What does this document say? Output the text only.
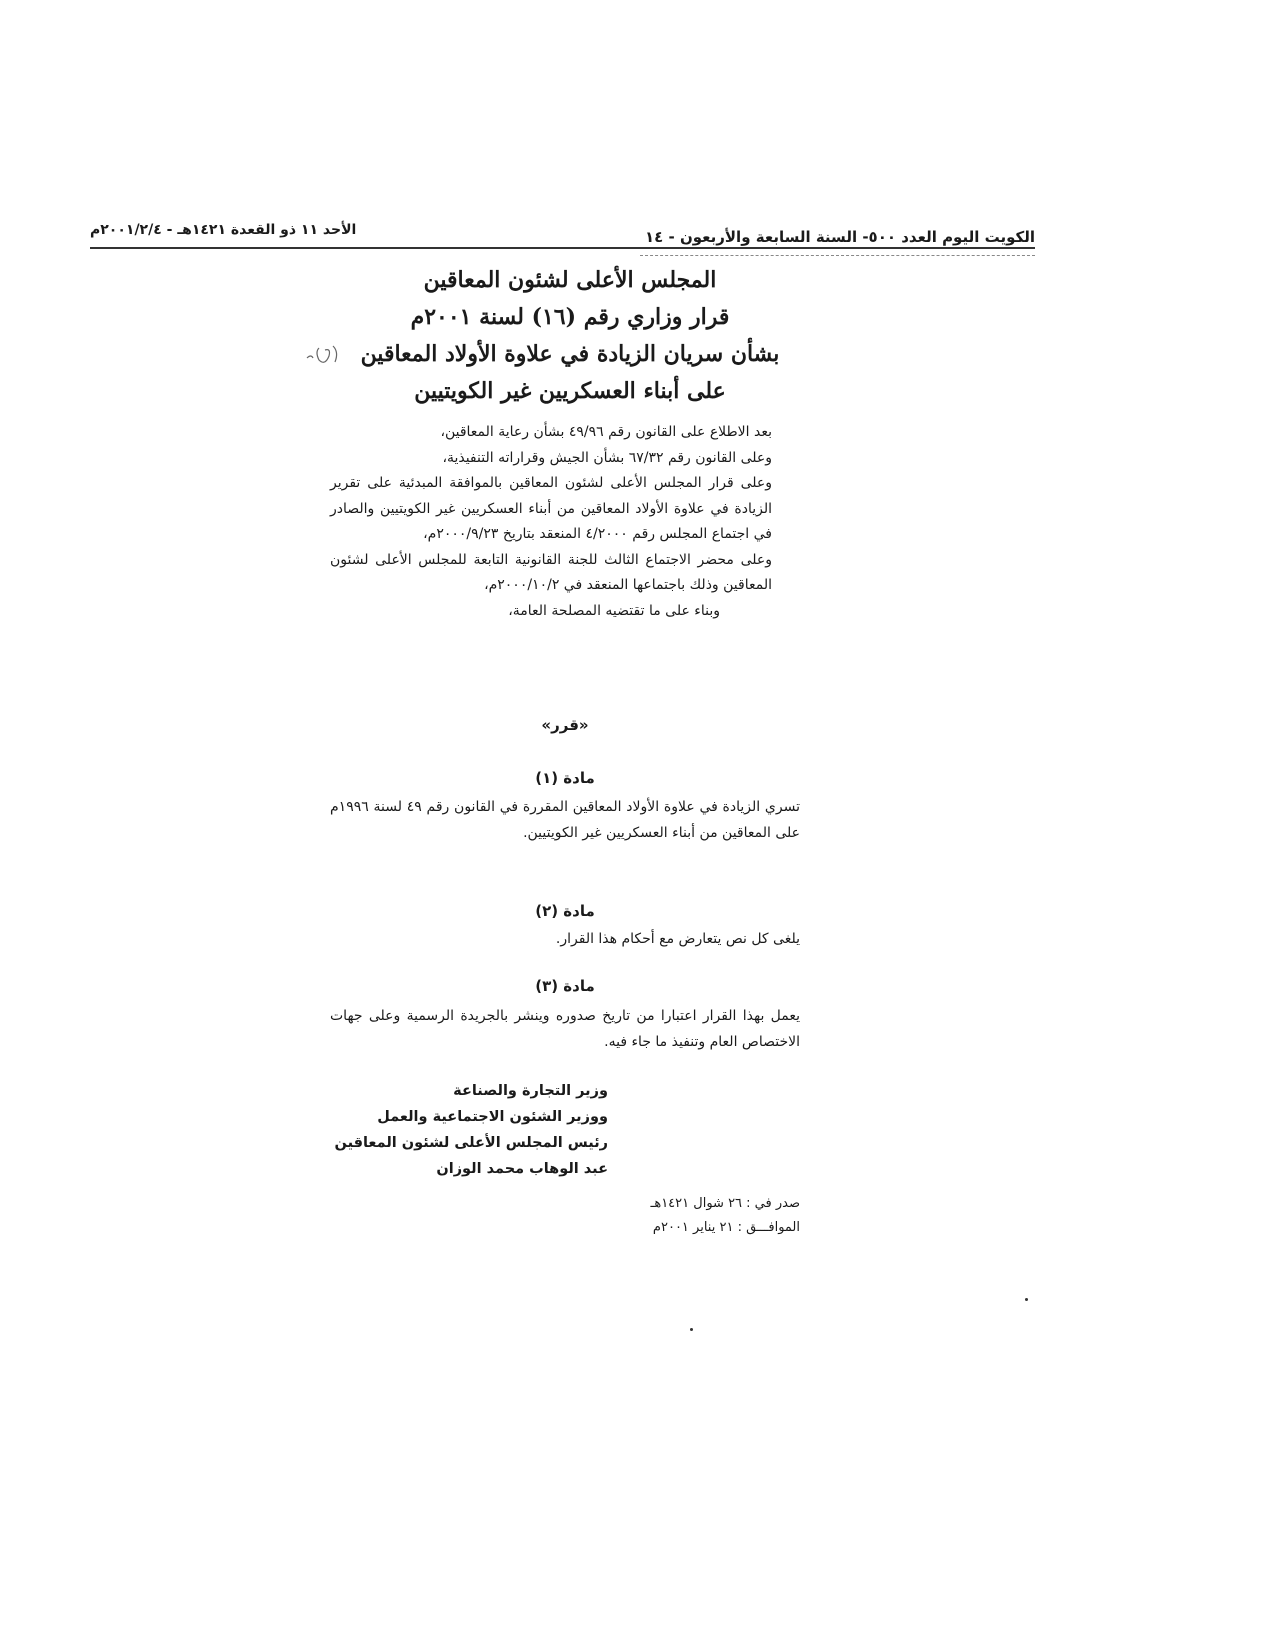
الكويت اليوم العدد ٥٠٠- السنة السابعة والأربعون - ١٤
الأحد ١١ ذو القعدة ١٤٢١هـ - ٢٠٠١/٢/٤م
المجلس الأعلى لشئون المعاقين
قرار وزاري رقم (١٦) لسنة ٢٠٠١م
بشأن سريان الزيادة في علاوة الأولاد المعاقين
على أبناء العسكريين غير الكويتيين

بعد الاطلاع على القانون رقم ٤٩/٩٦ بشأن رعاية المعاقين،

وعلى القانون رقم ٦٧/٣٢ بشأن الجيش وقراراته التنفيذية،

وعلى قرار المجلس الأعلى لشئون المعاقين بالموافقة المبدئية على تقرير الزيادة في علاوة الأولاد المعاقين من أبناء العسكريين غير الكويتيين والصادر في اجتماع المجلس رقم ٤/٢٠٠٠ المنعقد بتاريخ ٢٠٠٠/٩/٢٣م،

وعلى محضر الاجتماع الثالث للجنة القانونية التابعة للمجلس الأعلى لشئون المعاقين وذلك باجتماعها المنعقد في ٢٠٠٠/١٠/٢م،

وبناء على ما تقتضيه المصلحة العامة،

«قرر»
مادة (١)
تسري الزيادة في علاوة الأولاد المعاقين المقررة في القانون رقم ٤٩ لسنة ١٩٩٦م على المعاقين من أبناء العسكريين غير الكويتيين.
مادة (٢)
يلغى كل نص يتعارض مع أحكام هذا القرار.
مادة (٣)
يعمل بهذا القرار اعتبارا من تاريخ صدوره وينشر بالجريدة الرسمية وعلى جهات الاختصاص العام وتنفيذ ما جاء فيه.
وزير التجارة والصناعة
ووزير الشئون الاجتماعية والعمل
رئيس المجلس الأعلى لشئون المعاقين
عبد الوهاب محمد الوزان
صدر في : ٢٦ شوال ١٤٢١هـ
الموافـــق : ٢١ يناير ٢٠٠١م
